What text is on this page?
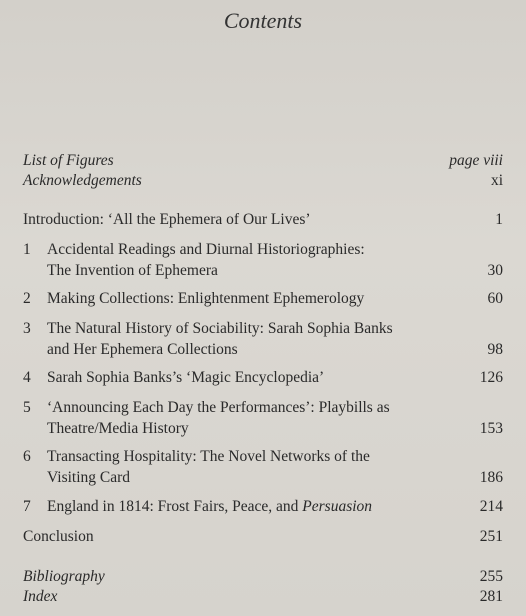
Contents
List of Figures	page viii
Acknowledgements	xi
Introduction: ‘All the Ephemera of Our Lives’	1
1	Accidental Readings and Diurnal Historiographies:
The Invention of Ephemera	30
2	Making Collections: Enlightenment Ephemerology	60
3	The Natural History of Sociability: Sarah Sophia Banks
and Her Ephemera Collections	98
4	Sarah Sophia Banks’s ‘Magic Encyclopedia’	126
5	‘Announcing Each Day the Performances’: Playbills as
Theatre/Media History	153
6	Transacting Hospitality: The Novel Networks of the
Visiting Card	186
7	England in 1814: Frost Fairs, Peace, and Persuasion	214
Conclusion	251
Bibliography	255
Index	281
